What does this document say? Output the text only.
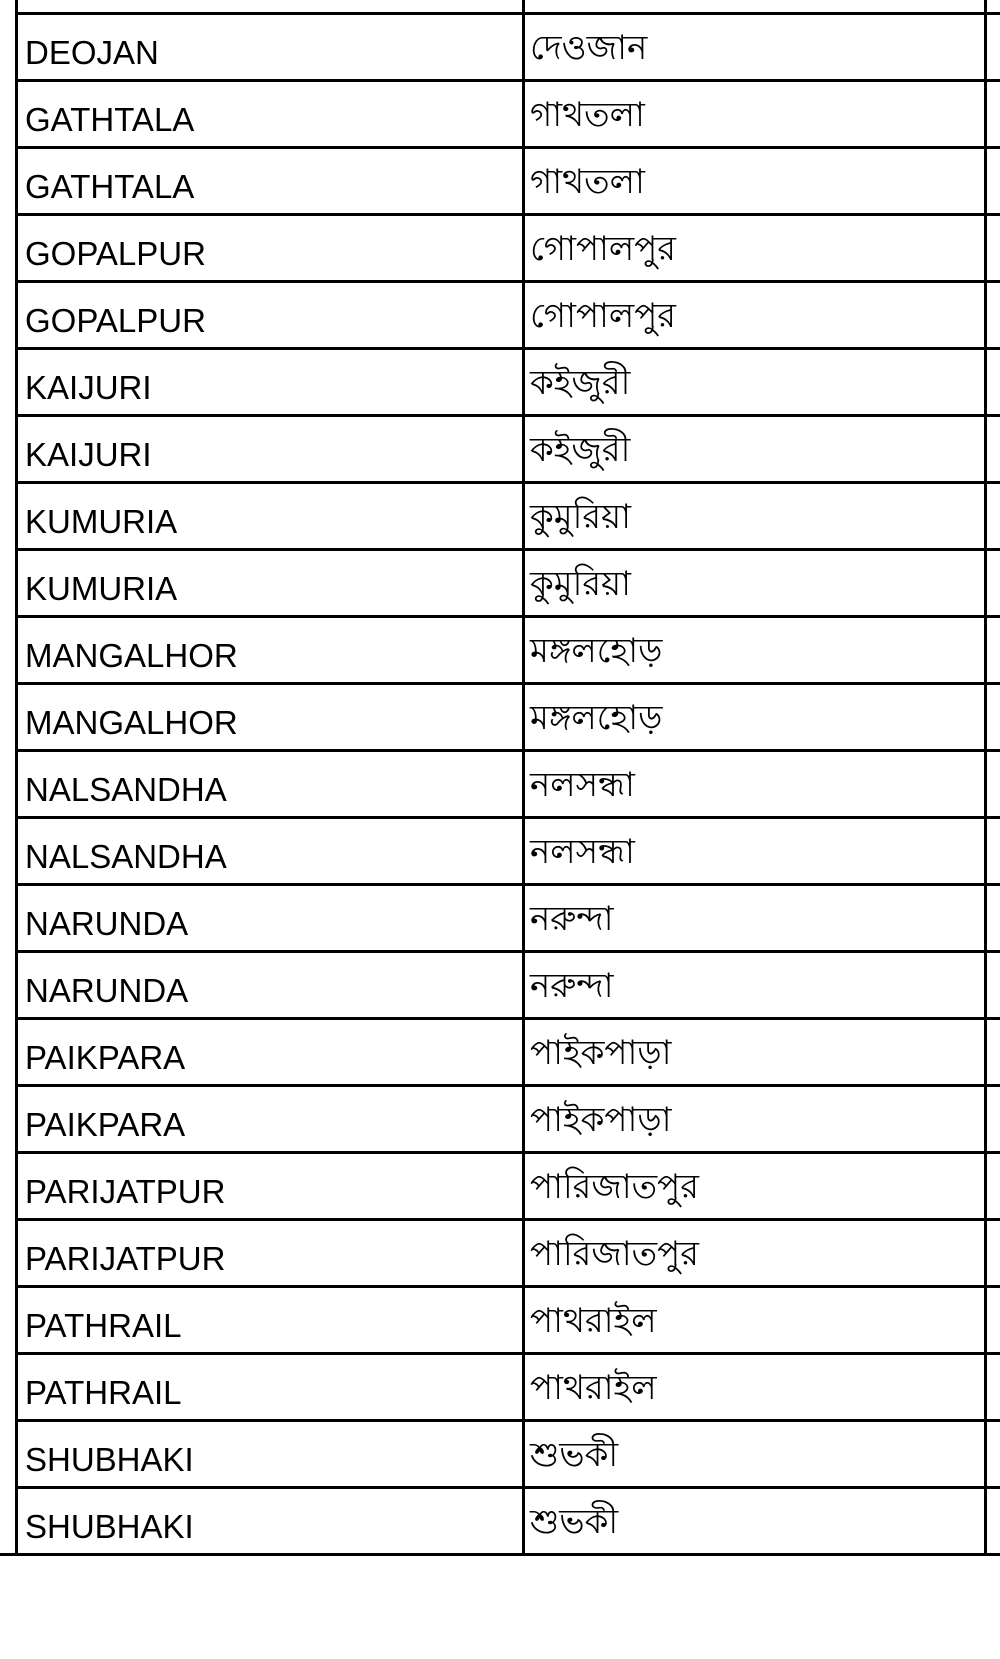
DEOJAN	দেওজান
GATHTALA	গাথতলা
GATHTALA	গাথতলা
GOPALPUR	গোপালপুর
GOPALPUR	গোপালপুর
KAIJURI	কইজুরী
KAIJURI	কইজুরী
KUMURIA	কুমুরিয়া
KUMURIA	কুমুরিয়া
MANGALHOR	মঙ্গলহোড়
MANGALHOR	মঙ্গলহোড়
NALSANDHA	নলসন্ধা
NALSANDHA	নলসন্ধা
NARUNDA	নরুন্দা
NARUNDA	নরুন্দা
PAIKPARA	পাইকপাড়া
PAIKPARA	পাইকপাড়া
PARIJATPUR	পারিজাতপুর
PARIJATPUR	পারিজাতপুর
PATHRAIL	পাথরাইল
PATHRAIL	পাথরাইল
SHUBHAKI	শুভকী
SHUBHAKI	শুভকী
